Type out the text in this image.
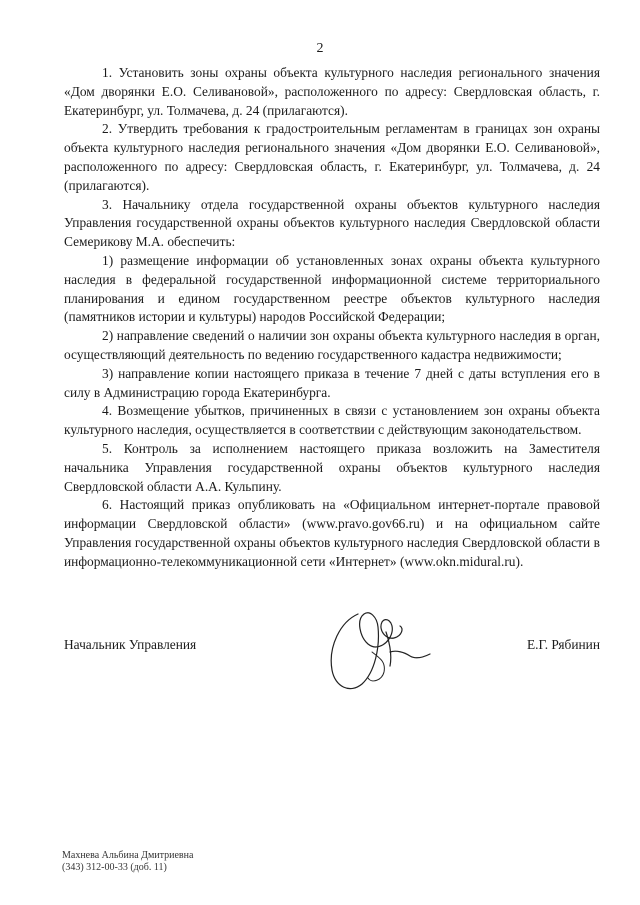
2

1. Установить зоны охраны объекта культурного наследия регионального значения «Дом дворянки Е.О. Селивановой», расположенного по адресу: Свердловская область, г. Екатеринбург, ул. Толмачева, д. 24 (прилагаются).

2. Утвердить требования к градостроительным регламентам в границах зон охраны объекта культурного наследия регионального значения «Дом дворянки Е.О. Селивановой», расположенного по адресу: Свердловская область, г. Екатеринбург, ул. Толмачева, д. 24 (прилагаются).

3. Начальнику отдела государственной охраны объектов культурного наследия Управления государственной охраны объектов культурного наследия Свердловской области Семерикову М.А. обеспечить:

1) размещение информации об установленных зонах охраны объекта культурного наследия в федеральной государственной информационной системе территориального планирования и едином государственном реестре объектов культурного наследия (памятников истории и культуры) народов Российской Федерации;

2) направление сведений о наличии зон охраны объекта культурного наследия в орган, осуществляющий деятельность по ведению государственного кадастра недвижимости;

3) направление копии настоящего приказа в течение 7 дней с даты вступления его в силу в Администрацию города Екатеринбурга.

4. Возмещение убытков, причиненных в связи с установлением зон охраны объекта культурного наследия, осуществляется в соответствии с действующим законодательством.

5. Контроль за исполнением настоящего приказа возложить на Заместителя начальника Управления государственной охраны объектов культурного наследия Свердловской области А.А. Кульпину.

6. Настоящий приказ опубликовать на «Официальном интернет-портале правовой информации Свердловской области» (www.pravo.gov66.ru) и на официальном сайте Управления государственной охраны объектов культурного наследия Свердловской области в информационно-телекоммуникационной сети «Интернет» (www.okn.midural.ru).

Начальник Управления	Е.Г. Рябинин
Махнева Альбина Дмитриевна
(343) 312-00-33 (доб. 11)
